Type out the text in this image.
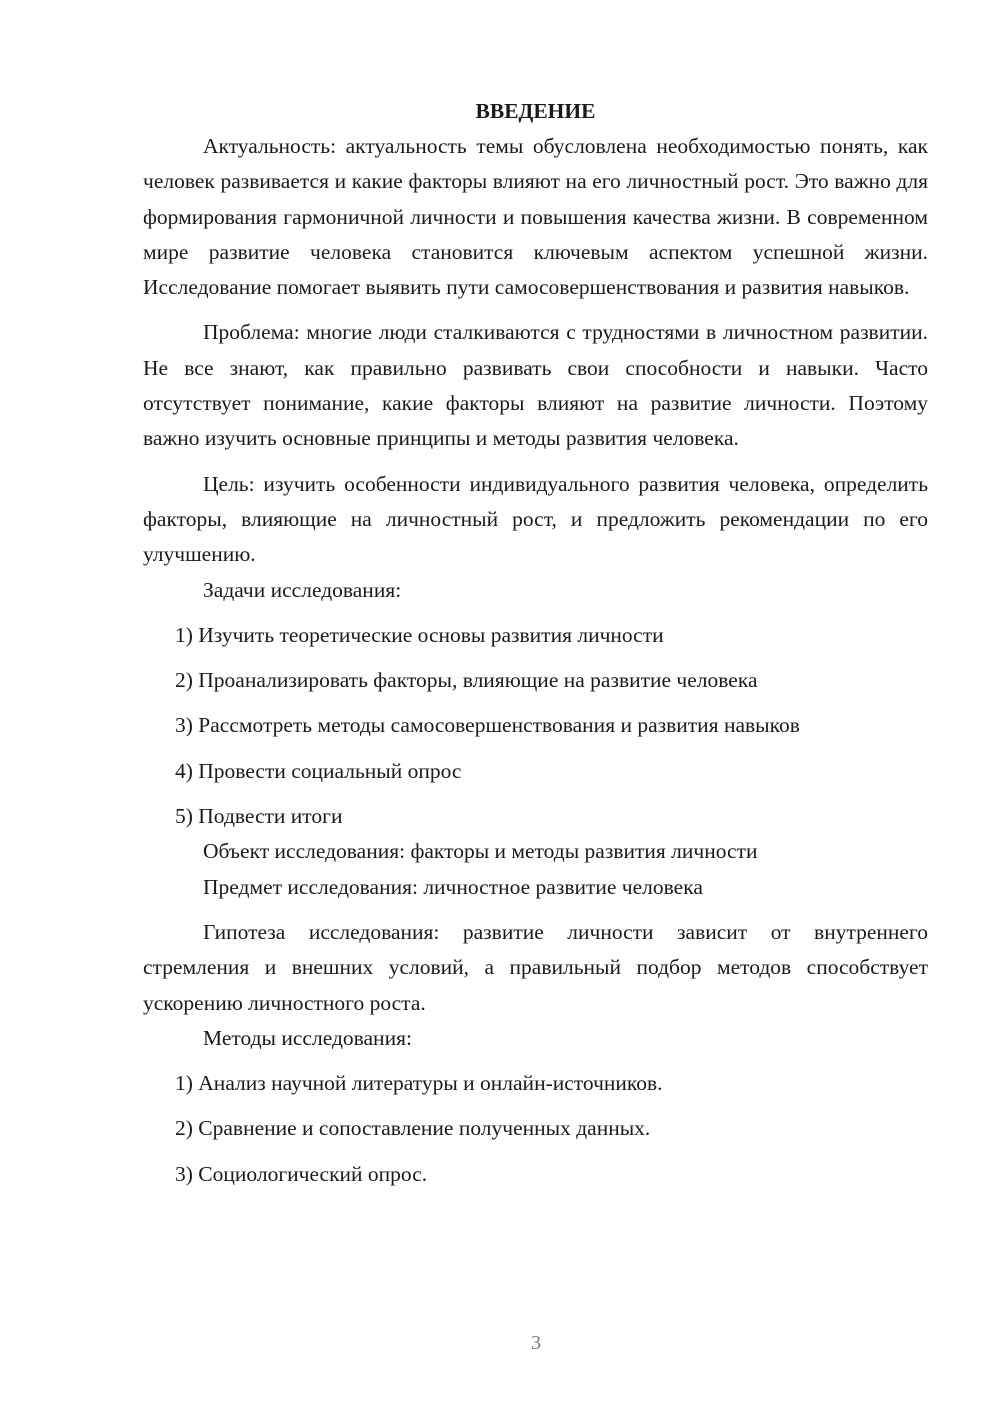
ВВЕДЕНИЕ

Актуальность: актуальность темы обусловлена необходимостью понять, как человек развивается и какие факторы влияют на его личностный рост. Это важно для формирования гармоничной личности и повышения качества жизни. В современном мире развитие человека становится ключевым аспектом успешной жизни. Исследование помогает выявить пути самосовершенствования и развития навыков.

Проблема: многие люди сталкиваются с трудностями в личностном развитии. Не все знают, как правильно развивать свои способности и навыки. Часто отсутствует понимание, какие факторы влияют на развитие личности. Поэтому важно изучить основные принципы и методы развития человека.

Цель: изучить особенности индивидуального развития человека, определить факторы, влияющие на личностный рост, и предложить рекомендации по его улучшению.

Задачи исследования:

1) Изучить теоретические основы развития личности

2) Проанализировать факторы, влияющие на развитие человека

3) Рассмотреть методы самосовершенствования и развития навыков

4) Провести социальный опрос

5) Подвести итоги

Объект исследования: факторы и методы развития личности

Предмет исследования: личностное развитие человека

Гипотеза исследования: развитие личности зависит от внутреннего стремления и внешних условий, а правильный подбор методов способствует ускорению личностного роста.

Методы исследования:

1) Анализ научной литературы и онлайн-источников.

2) Сравнение и сопоставление полученных данных.

3) Социологический опрос.

3
